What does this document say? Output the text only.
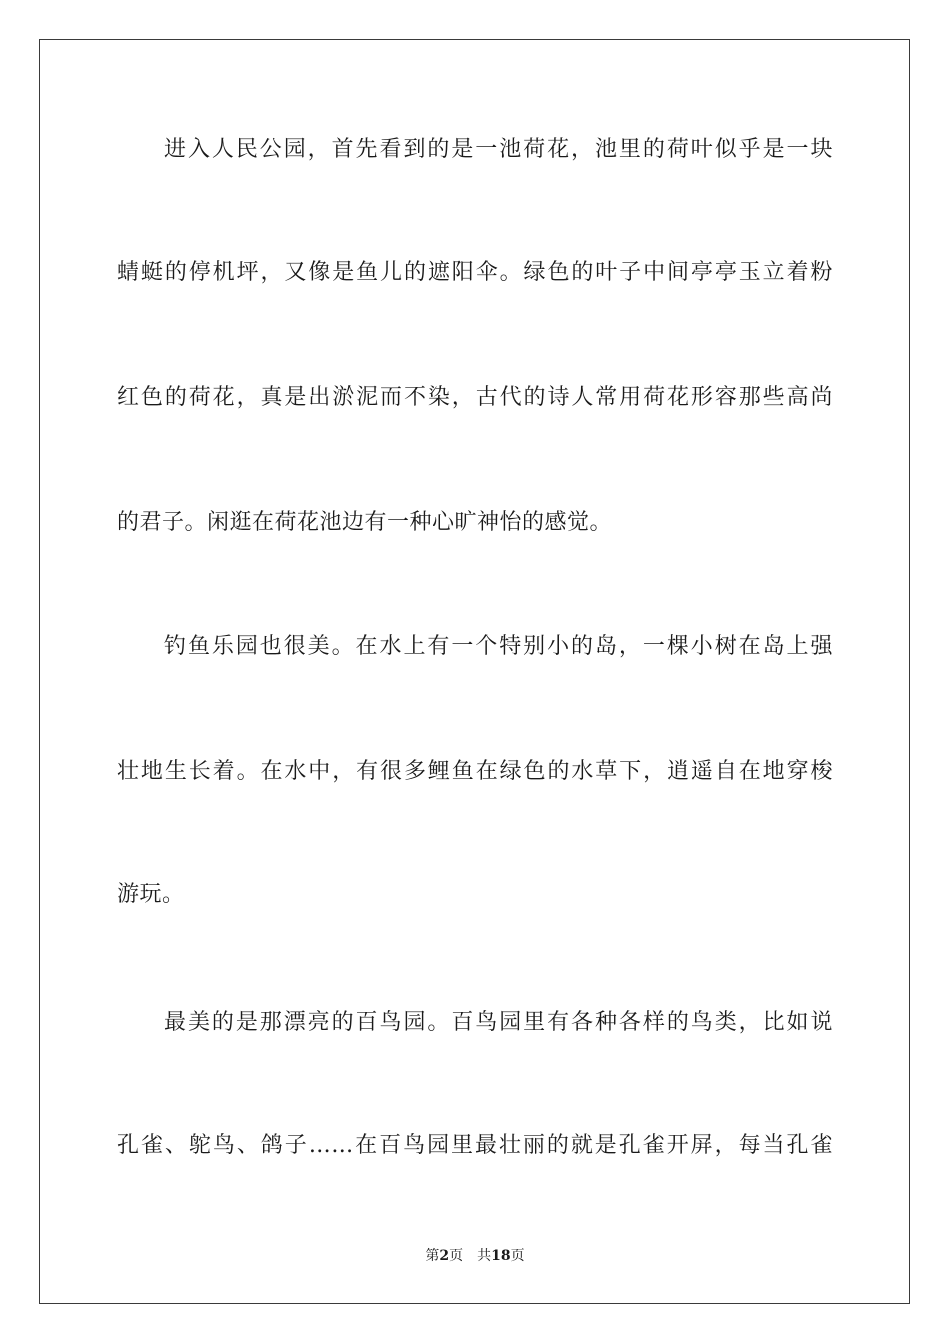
进入人民公园，首先看到的是一池荷花，池里的荷叶似乎是一块
蜻蜓的停机坪，又像是鱼儿的遮阳伞。绿色的叶子中间亭亭玉立着粉
红色的荷花，真是出淤泥而不染，古代的诗人常用荷花形容那些高尚
的君子。闲逛在荷花池边有一种心旷神怡的感觉。
钓鱼乐园也很美。在水上有一个特别小的岛，一棵小树在岛上强
壮地生长着。在水中，有很多鲤鱼在绿色的水草下，逍遥自在地穿梭
游玩。
最美的是那漂亮的百鸟园。百鸟园里有各种各样的鸟类，比如说
孔雀、鸵鸟、鸽子……在百鸟园里最壮丽的就是孔雀开屏，每当孔雀
第2页 共18页
